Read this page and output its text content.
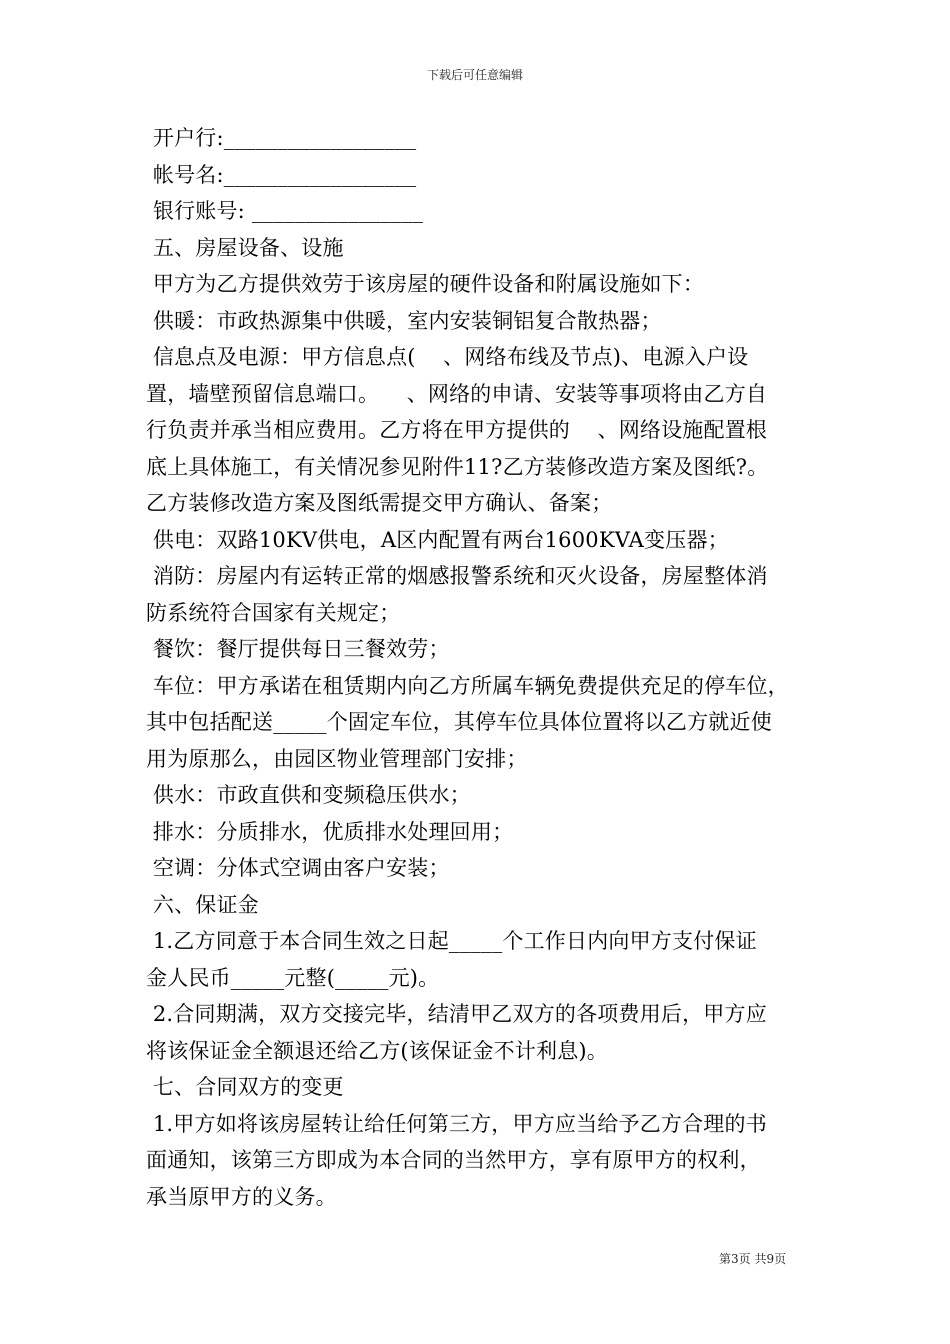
下载后可任意编辑
开户行:__________________
帐号名:__________________
银行账号: ________________
五、房屋设备、设施
甲方为乙方提供效劳于该房屋的硬件设备和附属设施如下：
供暖：市政热源集中供暖，室内安装铜铝复合散热器；
信息点及电源：甲方信息点(    、网络布线及节点)、电源入户设
置，墙壁预留信息端口。    、网络的申请、安装等事项将由乙方自
行负责并承当相应费用。乙方将在甲方提供的    、网络设施配置根
底上具体施工，有关情况参见附件11?乙方装修改造方案及图纸?。
乙方装修改造方案及图纸需提交甲方确认、备案；
供电：双路10KV供电，A区内配置有两台1600KVA变压器；
消防：房屋内有运转正常的烟感报警系统和灭火设备，房屋整体消
防系统符合国家有关规定；
餐饮：餐厅提供每日三餐效劳；
车位：甲方承诺在租赁期内向乙方所属车辆免费提供充足的停车位，
其中包括配送_____个固定车位，其停车位具体位置将以乙方就近使
用为原那么，由园区物业管理部门安排；
供水：市政直供和变频稳压供水；
排水：分质排水，优质排水处理回用；
空调：分体式空调由客户安装；
六、保证金
1.乙方同意于本合同生效之日起_____个工作日内向甲方支付保证
金人民币_____元整(_____元)。
2.合同期满，双方交接完毕，结清甲乙双方的各项费用后，甲方应
将该保证金全额退还给乙方(该保证金不计利息)。
七、合同双方的变更
1.甲方如将该房屋转让给任何第三方，甲方应当给予乙方合理的书
面通知，该第三方即成为本合同的当然甲方，享有原甲方的权利，
承当原甲方的义务。
第3页 共9页
